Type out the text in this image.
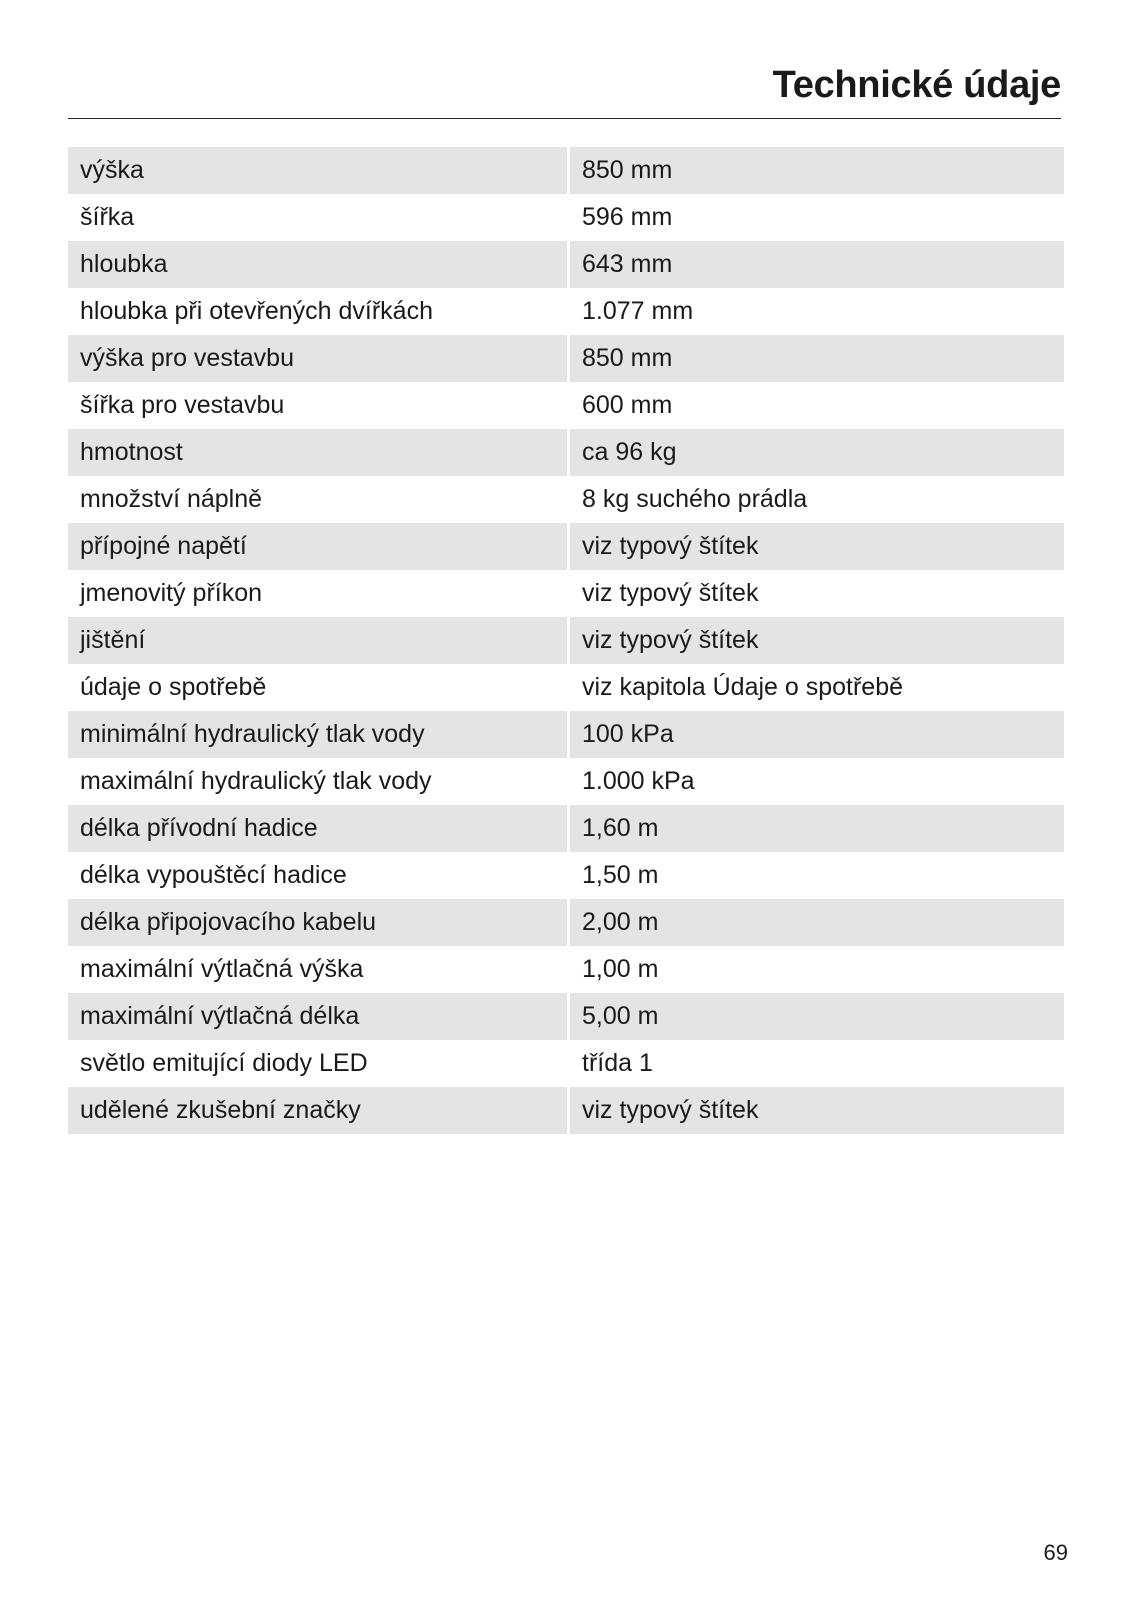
Technické údaje
výška	850 mm
šířka	596 mm
hloubka	643 mm
hloubka při otevřených dvířkách	1.077 mm
výška pro vestavbu	850 mm
šířka pro vestavbu	600 mm
hmotnost	ca 96 kg
množství náplně	8 kg suchého prádla
přípojné napětí	viz typový štítek
jmenovitý příkon	viz typový štítek
jištění	viz typový štítek
údaje o spotřebě	viz kapitola Údaje o spotřebě
minimální hydraulický tlak vody	100 kPa
maximální hydraulický tlak vody	1.000 kPa
délka přívodní hadice	1,60 m
délka vypouštěcí hadice	1,50 m
délka připojovacího kabelu	2,00 m
maximální výtlačná výška	1,00 m
maximální výtlačná délka	5,00 m
světlo emitující diody LED	třída 1
udělené zkušební značky	viz typový štítek
69
